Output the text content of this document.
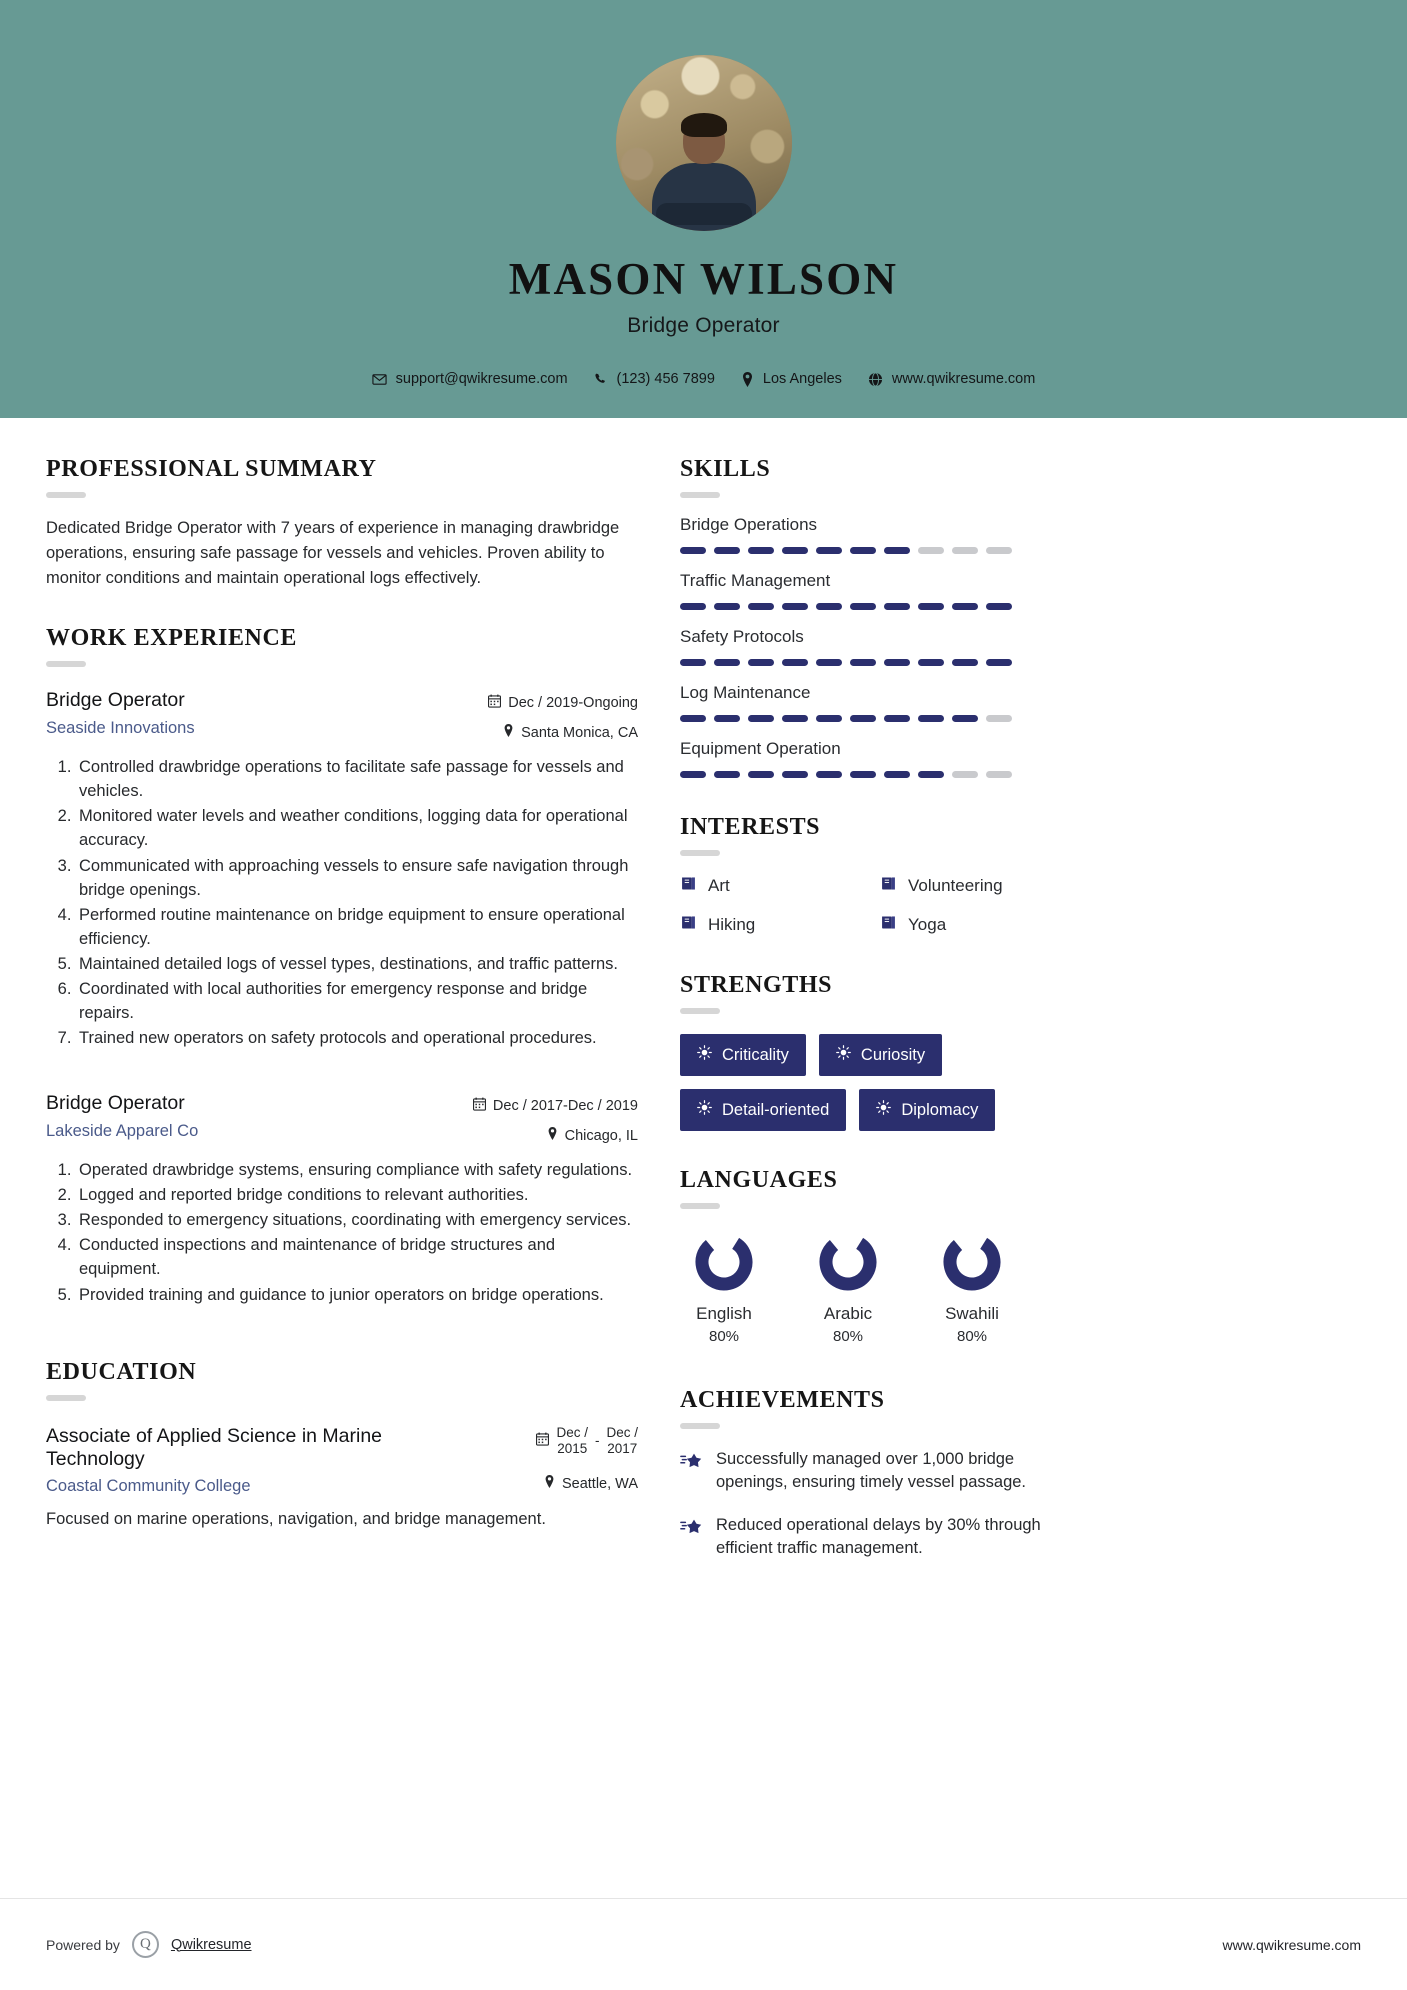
MASON WILSON
Bridge Operator
support@qwikresume.com	(123) 456 7899	Los Angeles	www.qwikresume.com
PROFESSIONAL SUMMARY
Dedicated Bridge Operator with 7 years of experience in managing drawbridge operations, ensuring safe passage for vessels and vehicles. Proven ability to monitor conditions and maintain operational logs effectively.
WORK EXPERIENCE
Bridge Operator
Seaside Innovations
Dec / 2019-Ongoing
Santa Monica, CA
1. Controlled drawbridge operations to facilitate safe passage for vessels and vehicles.
2. Monitored water levels and weather conditions, logging data for operational accuracy.
3. Communicated with approaching vessels to ensure safe navigation through bridge openings.
4. Performed routine maintenance on bridge equipment to ensure operational efficiency.
5. Maintained detailed logs of vessel types, destinations, and traffic patterns.
6. Coordinated with local authorities for emergency response and bridge repairs.
7. Trained new operators on safety protocols and operational procedures.
Bridge Operator
Lakeside Apparel Co
Dec / 2017-Dec / 2019
Chicago, IL
1. Operated drawbridge systems, ensuring compliance with safety regulations.
2. Logged and reported bridge conditions to relevant authorities.
3. Responded to emergency situations, coordinating with emergency services.
4. Conducted inspections and maintenance of bridge structures and equipment.
5. Provided training and guidance to junior operators on bridge operations.
EDUCATION
Associate of Applied Science in Marine Technology
Dec /
2015
-
Dec /
2017
Coastal Community College	Seattle, WA
Focused on marine operations, navigation, and bridge management.
SKILLS
Bridge Operations
Traffic Management
Safety Protocols
Log Maintenance
Equipment Operation
INTERESTS
Art	Volunteering
Hiking	Yoga
STRENGTHS
Criticality	Curiosity
Detail-oriented	Diplomacy
LANGUAGES
English
80%
Arabic
80%
Swahili
80%
ACHIEVEMENTS
Successfully managed over 1,000 bridge openings, ensuring timely vessel passage.
Reduced operational delays by 30% through efficient traffic management.
Powered by	Q	Qwikresume	www.qwikresume.com
